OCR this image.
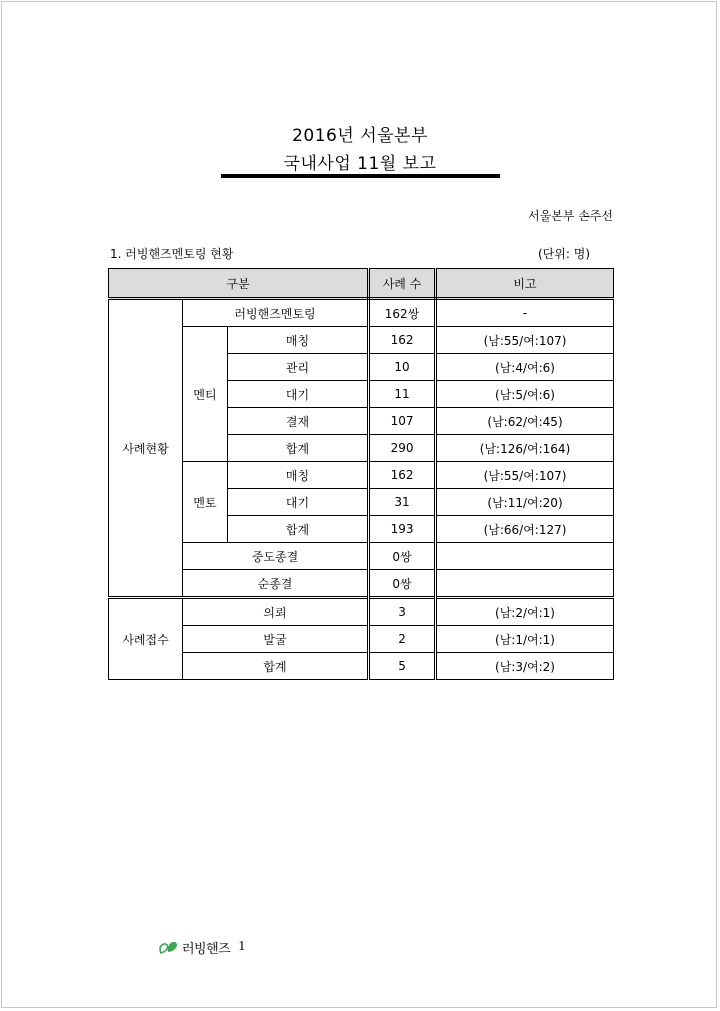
2016년 서울본부
국내사업 11월 보고
서울본부 손주선
1. 러빙핸즈멘토링 현황	(단위: 명)
구분			사례 수	비고
사례현황	러빙핸즈멘토링		162쌍	-
	멘티	매칭	162	(남:55/여:107)
		관리	10	(남:4/여:6)
		대기	11	(남:5/여:6)
		결재	107	(남:62/여:45)
		합계	290	(남:126/여:164)
	멘토	매칭	162	(남:55/여:107)
		대기	31	(남:11/여:20)
		합계	193	(남:66/여:127)
	중도종결		0쌍	
	순종결		0쌍	
사례접수	의뢰		3	(남:2/여:1)
	발굴		2	(남:1/여:1)
	합계		5	(남:3/여:2)
러빙핸즈 1
